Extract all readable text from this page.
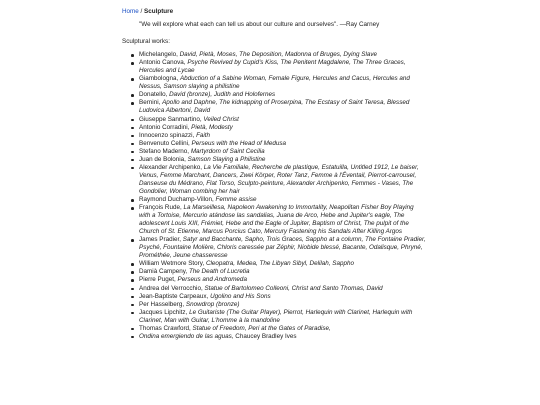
Home / Sculpture
"We will explore what each can tell us about our culture and ourselves". —Ray Carney
Sculptural works:
Michelangelo, David, Pietà, Moses, The Deposition, Madonna of Bruges, Dying Slave
Antonio Canova, Psyche Revived by Cupid's Kiss, The Penitent Magdalene, The Three Graces, Hercules and Lycae
Giambologna, Abduction of a Sabine Woman, Female Figure, Hercules and Cacus, Hercules and Nessus, Samson slaying a philistine
Donatello, David (bronze), Judith and Holofernes
Bernini, Apollo and Daphne, The kidnapping of Proserpina, The Ecstasy of Saint Teresa, Blessed Ludovica Albertoni, David
Giuseppe Sanmartino, Veiled Christ
Antonio Corradini, Pietà, Modesty
Innocenzo spinazzi, Faith
Benvenuto Cellini, Perseus with the Head of Medusa
Stefano Maderno, Martyrdom of Saint Cecilia
Juan de Bolonia, Samson Slaying a Philistine
Alexander Archipenko, La Vie Familiale, Recherche de plastique, Estatuilla, Untitled 1912, Le baiser, Venus, Femme Marchant, Dancers, Zwei Körper, Roter Tanz, Femme à l'Éventail, Pierrot-carrousel, Danseuse du Médrano, Flat Torso, Sculpto-peinture, Alexander Archipenko, Femmes - Vases, The Gondolier, Woman combing her hair
Raymond Duchamp-Villon, Femme assise
François Rude, La Marseillesa, Napoleon Awakening to Immortality, Neapolitan Fisher Boy Playing with a Tortoise, Mercurio atándose las sandalias, Juana de Arco, Hebe and Jupiter's eagle, The adolescent Louis XIII, Frémiet, Hebe and the Eagle of Jupiter, Baptism of Christ, The pulpit of the Church of St. Etienne, Marcus Porcius Cato, Mercury Fastening his Sandals After Killing Argos
James Pradier, Satyr and Bacchante, Sapho, Trois Graces, Sappho at a column, The Fontaine Pradier, Psyché, Fountaine Molière, Chloris caressée par Zéphir, Niobide blessé, Bacante, Odalisque, Phryné, Prométhée, Jeune chasseresse
William Wetmore Story, Cleopatra, Medea, The Libyan Sibyl, Delilah, Sappho
Damià Campeny, The Death of Lucretia
Pierre Puget, Perseus and Andromeda
Andrea del Verrocchio, Statue of Bartolomeo Colleoni, Christ and Santo Thomas, David
Jean-Baptiste Carpeaux, Ugolino and His Sons
Per Hasselberg, Snowdrop (bronze)
Jacques Lipchitz, Le Guitariste (The Guitar Player), Pierrot, Harlequin with Clarinet, Harlequin with Clarinet, Man with Guitar, L'homme à la mandoline
Thomas Crawford, Statue of Freedom, Peri at the Gates of Paradise,
Ondina emergiendo de las aguas, Chaucey Bradley Ives
